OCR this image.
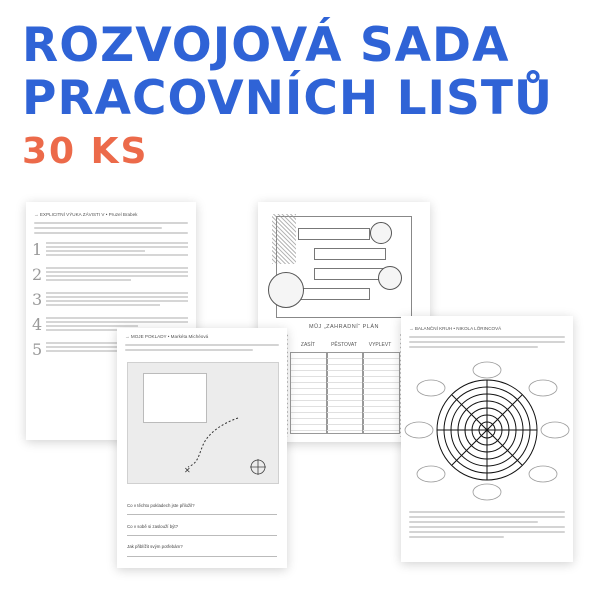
ROZVOJOVÁ SADA
PRACOVNÍCH LISTŮ
30 KS
→ EXPLICITNÍ VÝUKA ZÁVISTI V • Pruzel Brabek
1
2
3
4
5
MŮJ „ZAHRADNÍ“ PLÁN
ZASÍT	PĚSTOVAT	VYPLEVT
→ MOJE POKLADY • Markéta Michéová
✕
Co v těchto pokladech jste přiložil?
Co v sobě si zaslouží být?
Jak přiblížit svým potřebám?
→ BALANČNÍ KRUH • NIKOLA LÖRINCOVÁ
